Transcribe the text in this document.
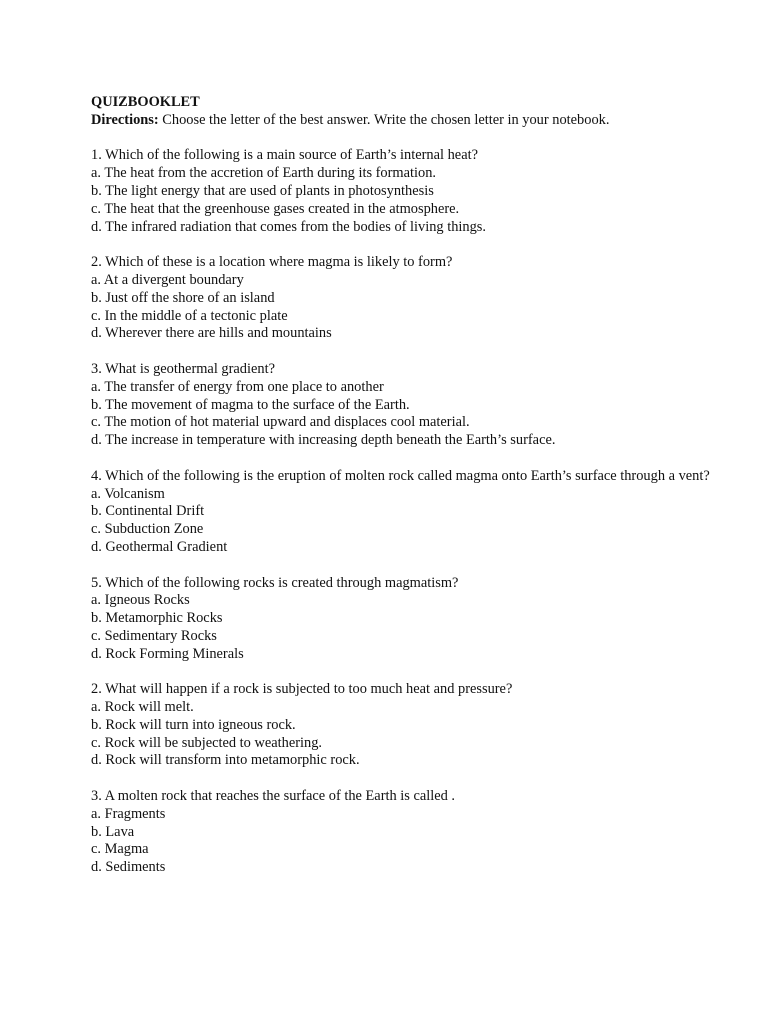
QUIZBOOKLET

Directions: Choose the letter of the best answer. Write the chosen letter in your notebook.

1. Which of the following is a main source of Earth’s internal heat?

a. The heat from the accretion of Earth during its formation.

b. The light energy that are used of plants in photosynthesis

c. The heat that the greenhouse gases created in the atmosphere.

d. The infrared radiation that comes from the bodies of living things.

2. Which of these is a location where magma is likely to form?

a. At a divergent boundary

b. Just off the shore of an island

c. In the middle of a tectonic plate

d. Wherever there are hills and mountains

3. What is geothermal gradient?

a. The transfer of energy from one place to another

b. The movement of magma to the surface of the Earth.

c. The motion of hot material upward and displaces cool material.

d. The increase in temperature with increasing depth beneath the Earth’s surface.

4. Which of the following is the eruption of molten rock called magma onto Earth’s surface through a vent?

a. Volcanism

b. Continental Drift

c. Subduction Zone

d. Geothermal Gradient

5. Which of the following rocks is created through magmatism?

a. Igneous Rocks

b. Metamorphic Rocks

c. Sedimentary Rocks

d. Rock Forming Minerals

2. What will happen if a rock is subjected to too much heat and pressure?

a. Rock will melt.

b. Rock will turn into igneous rock.

c. Rock will be subjected to weathering.

d. Rock will transform into metamorphic rock.

3. A molten rock that reaches the surface of the Earth is called .

a. Fragments

b. Lava

c. Magma

d. Sediments
